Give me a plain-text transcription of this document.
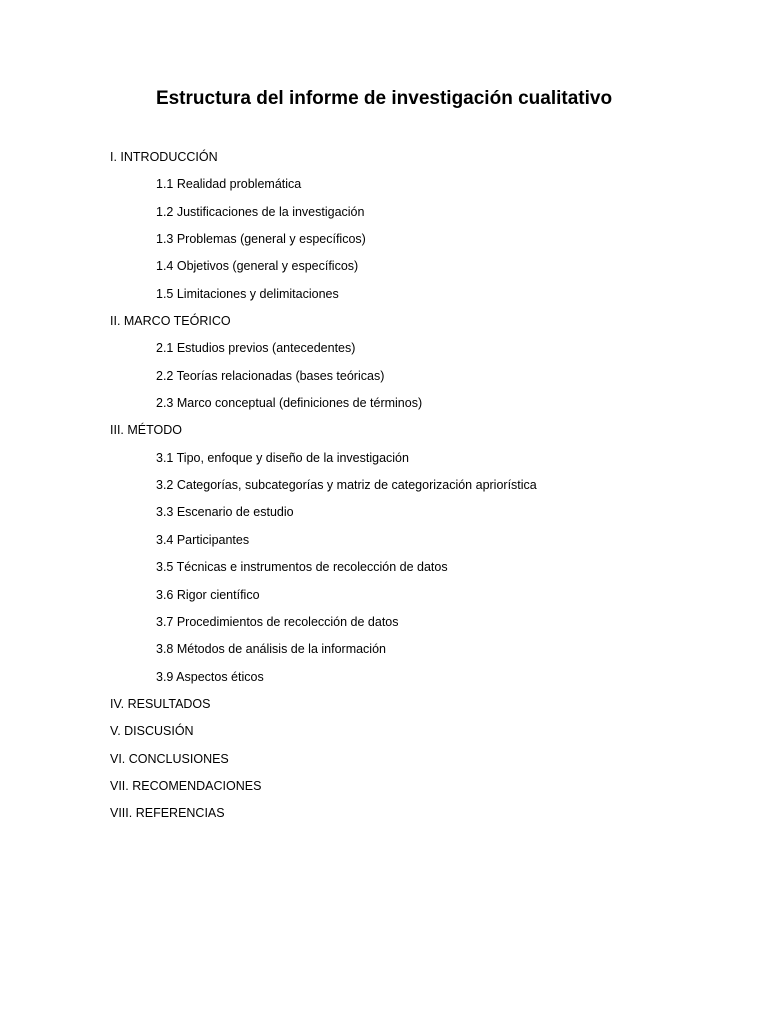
Estructura del informe de investigación cualitativo
I. INTRODUCCIÓN
1.1 Realidad problemática
1.2 Justificaciones de la investigación
1.3 Problemas (general y específicos)
1.4 Objetivos (general y específicos)
1.5 Limitaciones y delimitaciones
II. MARCO TEÓRICO
2.1 Estudios previos (antecedentes)
2.2 Teorías relacionadas (bases teóricas)
2.3 Marco conceptual (definiciones de términos)
III. MÉTODO
3.1 Tipo, enfoque y diseño de la investigación
3.2 Categorías, subcategorías y matriz de categorización apriorística
3.3 Escenario de estudio
3.4 Participantes
3.5 Técnicas e instrumentos de recolección de datos
3.6 Rigor científico
3.7 Procedimientos de recolección de datos
3.8 Métodos de análisis de la información
3.9 Aspectos éticos
IV. RESULTADOS
V. DISCUSIÓN
VI. CONCLUSIONES
VII. RECOMENDACIONES
VIII. REFERENCIAS
